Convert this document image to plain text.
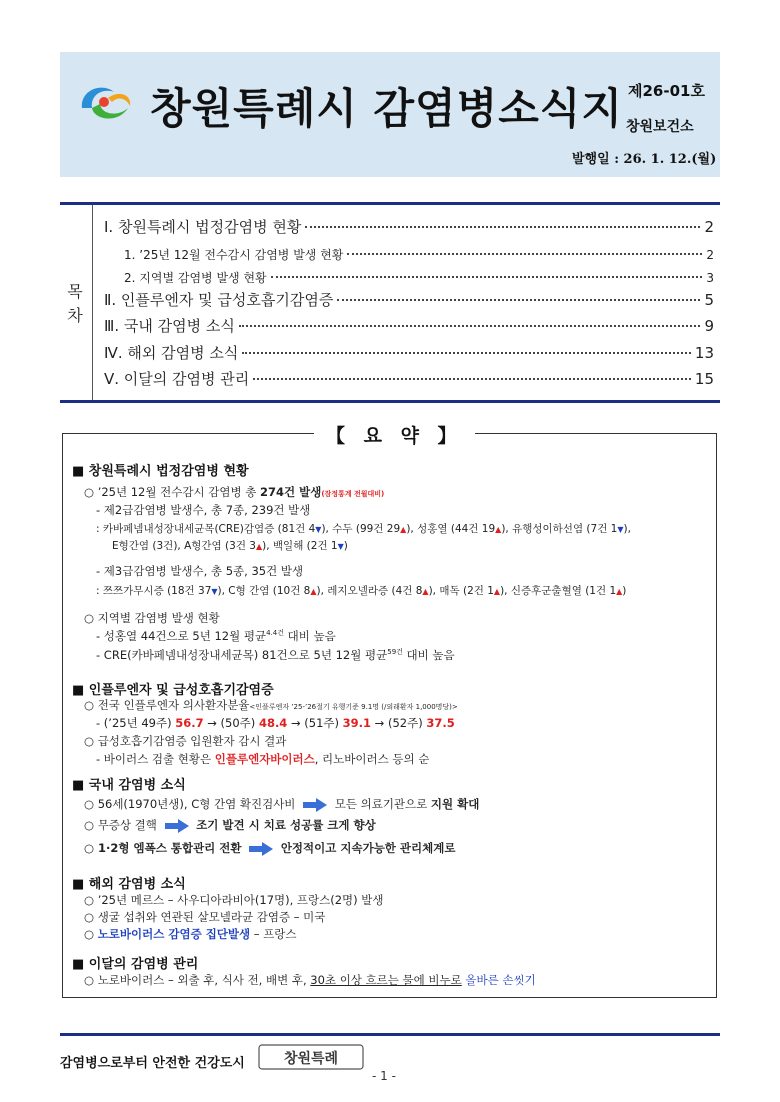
창원특례시 감염병소식지 제26-01호
창원보건소
발행일 : 26. 1. 12.(월)
목
차
Ⅰ. 창원특례시 법정감염병 현황	2
1. ’25년 12월 전수감시 감염병 발생 현황	2
2. 지역별 감염병 발생 현황	3
Ⅱ. 인플루엔자 및 급성호흡기감염증	5
Ⅲ. 국내 감염병 소식	9
Ⅳ. 해외 감염병 소식	13
Ⅴ. 이달의 감염병 관리	15
【 요 약 】
■ 창원특례시 법정감염병 현황
○ ’25년 12월 전수감시 감염병 총 274건 발생(잠정통계 전월대비)
- 제2급감염병 발생수, 총 7종, 239건 발생
: 카바페넴내성장내세균목(CRE)감염증 (81건 4▼), 수두 (99건 29▲), 성홍열 (44건 19▲), 유행성이하선염 (7건 1▼),
E형간염 (3건), A형간염 (3건 3▲), 백일해 (2건 1▼)
- 제3급감염병 발생수, 총 5종, 35건 발생
: 쯔쯔가무시증 (18건 37▼), C형 간염 (10건 8▲), 레지오넬라증 (4건 8▲), 매독 (2건 1▲), 신증후군출혈열 (1건 1▲)
○ 지역별 감염병 발생 현황
- 성홍열 44건으로 5년 12월 평균$^{4.4건}$ 대비 높음
- CRE(카바페넴내성장내세균목) 81건으로 5년 12월 평균$^{59건}$ 대비 높음
■ 인플루엔자 및 급성호흡기감염증
○ 전국 인플루엔자 의사환자분율<인플루엔자 ’25-’26절기 유행기준 9.1명 (/외래환자 1,000명당)>
- (’25년 49주) 56.7 → (50주) 48.4 → (51주) 39.1 → (52주) 37.5
○ 급성호흡기감염증 입원환자 감시 결과
- 바이러스 검출 현황은 인플루엔자바이러스, 리노바이러스 등의 순
■ 국내 감염병 소식
○ 56세(1970년생), C형 간염 확진검사비	모든 의료기관으로 지원 확대
○ 무증상 결핵	조기 발견 시 치료 성공률 크게 향상
○ 1·2형 엠폭스 통합관리 전환	안정적이고 지속가능한 관리체계로
■ 해외 감염병 소식
○ ’25년 메르스 – 사우디아라비아(17명), 프랑스(2명) 발생
○ 생굴 섭취와 연관된 살모넬라균 감염증 – 미국
○ 노로바이러스 감염증 집단발생 – 프랑스
■ 이달의 감염병 관리
○ 노로바이러스 – 외출 후, 식사 전, 배변 후, 30초 이상 흐르는 물에 비누로 올바른 손씻기
감염병으로부터 안전한 건강도시	창원특례
- 1 -
